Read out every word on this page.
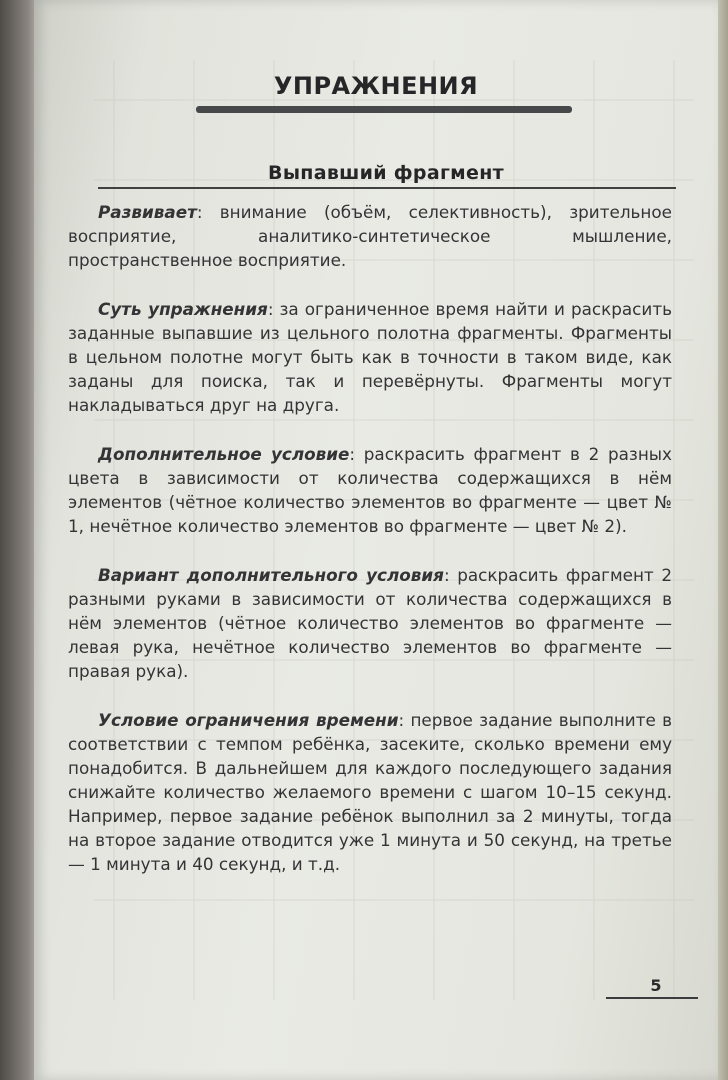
УПРАЖНЕНИЯ
Выпавший фрагмент

Развивает: внимание (объём, селективность), зрительное восприятие, аналитико-синтетическое мышление, пространственное восприятие.

Суть упражнения: за ограниченное время найти и раскрасить заданные выпавшие из цельного полотна фрагменты. Фрагменты в цельном полотне могут быть как в точности в таком виде, как заданы для поиска, так и перевёрнуты. Фрагменты могут накладываться друг на друга.

Дополнительное условие: раскрасить фрагмент в 2 разных цвета в зависимости от количества содержащихся в нём элементов (чётное количество элементов во фрагменте — цвет № 1, нечётное количество элементов во фрагменте — цвет № 2).

Вариант дополнительного условия: раскрасить фрагмент 2 разными руками в зависимости от количества содержащихся в нём элементов (чётное количество элементов во фрагменте — левая рука, нечётное количество элементов во фрагменте — правая рука).

Условие ограничения времени: первое задание выполните в соответствии с темпом ребёнка, засеките, сколько времени ему понадобится. В дальнейшем для каждого последующего задания снижайте количество желаемого времени с шагом 10–15 секунд. Например, первое задание ребёнок выполнил за 2 минуты, тогда на второе задание отводится уже 1 минута и 50 секунд, на третье — 1 минута и 40 секунд, и т.д.

5
